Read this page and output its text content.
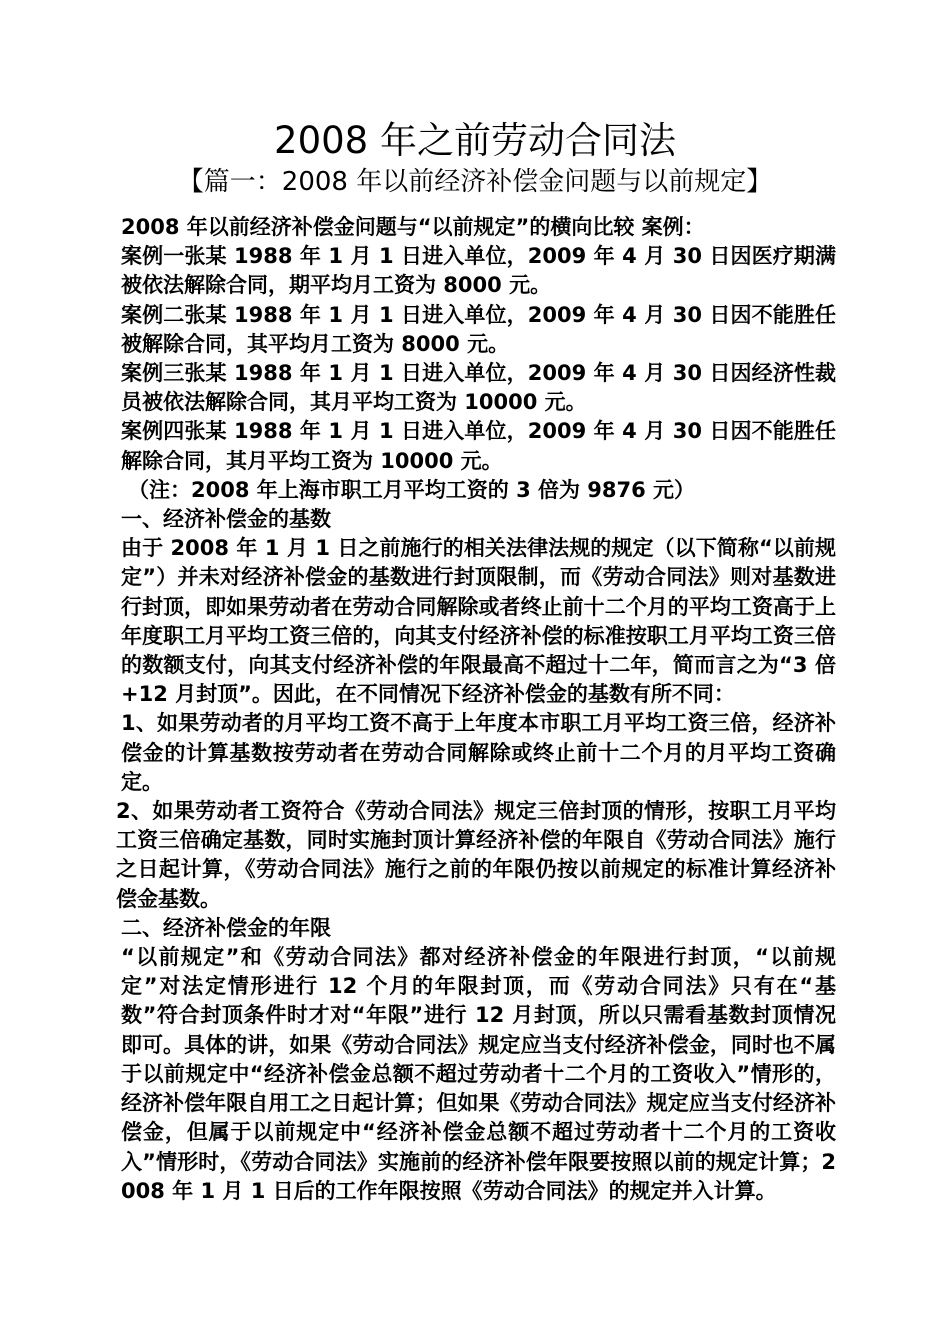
2008 年之前劳动合同法
【篇一：2008 年以前经济补偿金问题与以前规定】

2008 年以前经济补偿金问题与“以前规定”的横向比较 案例：

案例一张某 1988 年 1 月 1 日进入单位，2009 年 4 月 30 日因医疗期满被依法解除合同，期平均月工资为 8000 元。

案例二张某 1988 年 1 月 1 日进入单位，2009 年 4 月 30 日因不能胜任被解除合同，其平均月工资为 8000 元。

案例三张某 1988 年 1 月 1 日进入单位，2009 年 4 月 30 日因经济性裁员被依法解除合同，其月平均工资为 10000 元。

案例四张某 1988 年 1 月 1 日进入单位，2009 年 4 月 30 日因不能胜任解除合同，其月平均工资为 10000 元。

（注：2008 年上海市职工月平均工资的 3 倍为 9876 元）

一、经济补偿金的基数

由于 2008 年 1 月 1 日之前施行的相关法律法规的规定（以下简称“以前规定”）并未对经济补偿金的基数进行封顶限制，而《劳动合同法》则对基数进行封顶，即如果劳动者在劳动合同解除或者终止前十二个月的平均工资高于上年度职工月平均工资三倍的，向其支付经济补偿的标准按职工月平均工资三倍的数额支付，向其支付经济补偿的年限最高不超过十二年，简而言之为“3 倍+12 月封顶”。因此，在不同情况下经济补偿金的基数有所不同：

1、如果劳动者的月平均工资不高于上年度本市职工月平均工资三倍，经济补偿金的计算基数按劳动者在劳动合同解除或终止前十二个月的月平均工资确定。

2、如果劳动者工资符合《劳动合同法》规定三倍封顶的情形，按职工月平均工资三倍确定基数，同时实施封顶计算经济补偿的年限自《劳动合同法》施行之日起计算，《劳动合同法》施行之前的年限仍按以前规定的标准计算经济补偿金基数。

二、经济补偿金的年限

“以前规定”和《劳动合同法》都对经济补偿金的年限进行封顶，“以前规定”对法定情形进行 12 个月的年限封顶，而《劳动合同法》只有在“基数”符合封顶条件时才对“年限”进行 12 月封顶，所以只需看基数封顶情况即可。具体的讲，如果《劳动合同法》规定应当支付经济补偿金，同时也不属于以前规定中“经济补偿金总额不超过劳动者十二个月的工资收入”情形的，经济补偿年限自用工之日起计算；但如果《劳动合同法》规定应当支付经济补偿金，但属于以前规定中“经济补偿金总额不超过劳动者十二个月的工资收入”情形时，《劳动合同法》实施前的经济补偿年限要按照以前的规定计算；2008 年 1 月 1 日后的工作年限按照《劳动合同法》的规定并入计算。
